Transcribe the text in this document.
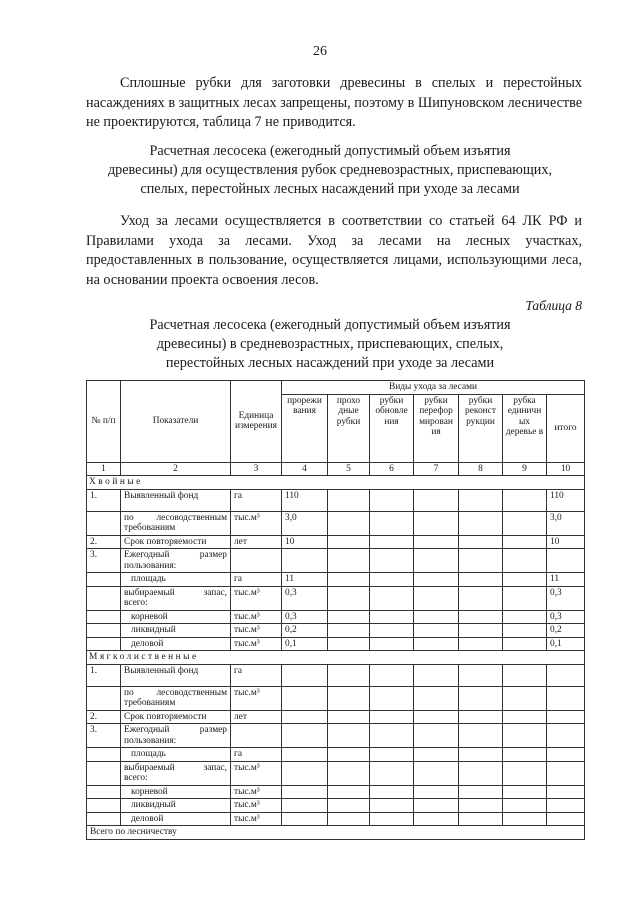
26
Сплошные рубки для заготовки древесины в спелых и перестойных насаждениях в защитных лесах запрещены, поэтому в Шипуновском лесничестве не проектируются, таблица 7 не приводится.
Расчетная лесосека (ежегодный допустимый объем изъятия
древесины) для осуществления рубок средневозрастных, приспевающих,
спелых, перестойных лесных насаждений при уходе за лесами
Уход за лесами осуществляется в соответствии со статьей 64 ЛК РФ и Правилами ухода за лесами. Уход за лесами на лесных участках, предоставленных в пользование, осуществляется лицами, использующими леса, на основании проекта освоения лесов.
Таблица 8
Расчетная лесосека (ежегодный допустимый объем изъятия
древесины) в средневозрастных, приспевающих, спелых,
перестойных лесных насаждений при уходе за лесами
№ п/п	Показатели	Единица измерения	Виды ухода за лесами						
			прорежи вания	прохо дные рубки	рубки обновле ния	рубки перефор мирован ия	рубки реконст рукции	рубка единичн ых деревье в	итого
1	2	3	4	5	6	7	8	9	10
Хвойные									
1.	Выявленный фонд	га	110						110

	по лесоводственным
требованиям	тыс.м³	3,0						3,0
2.	Срок повторяемости	лет	10						10
3.	Ежегодный размер
пользования:								

	площадь	га	11						11

	выбираемый запас,
всего:	тыс.м³	0,3						0,3
	корневой	тыс.м³	0,3						0,3
	ликвидный	тыс.м³	0,2						0,2
	деловой	тыс.м³	0,1						0,1
Мягколиственные									
1.	Выявленный фонд	га							

	по лесоводственным
требованиям	тыс.м³							
2.	Срок повторяемости	лет							
3.	Ежегодный размер
пользования:								

	площадь	га							

	выбираемый запас,
всего:	тыс.м³							
	корневой	тыс.м³							
	ликвидный	тыс.м³							
	деловой	тыс.м³							
Всего по лесничеству									
